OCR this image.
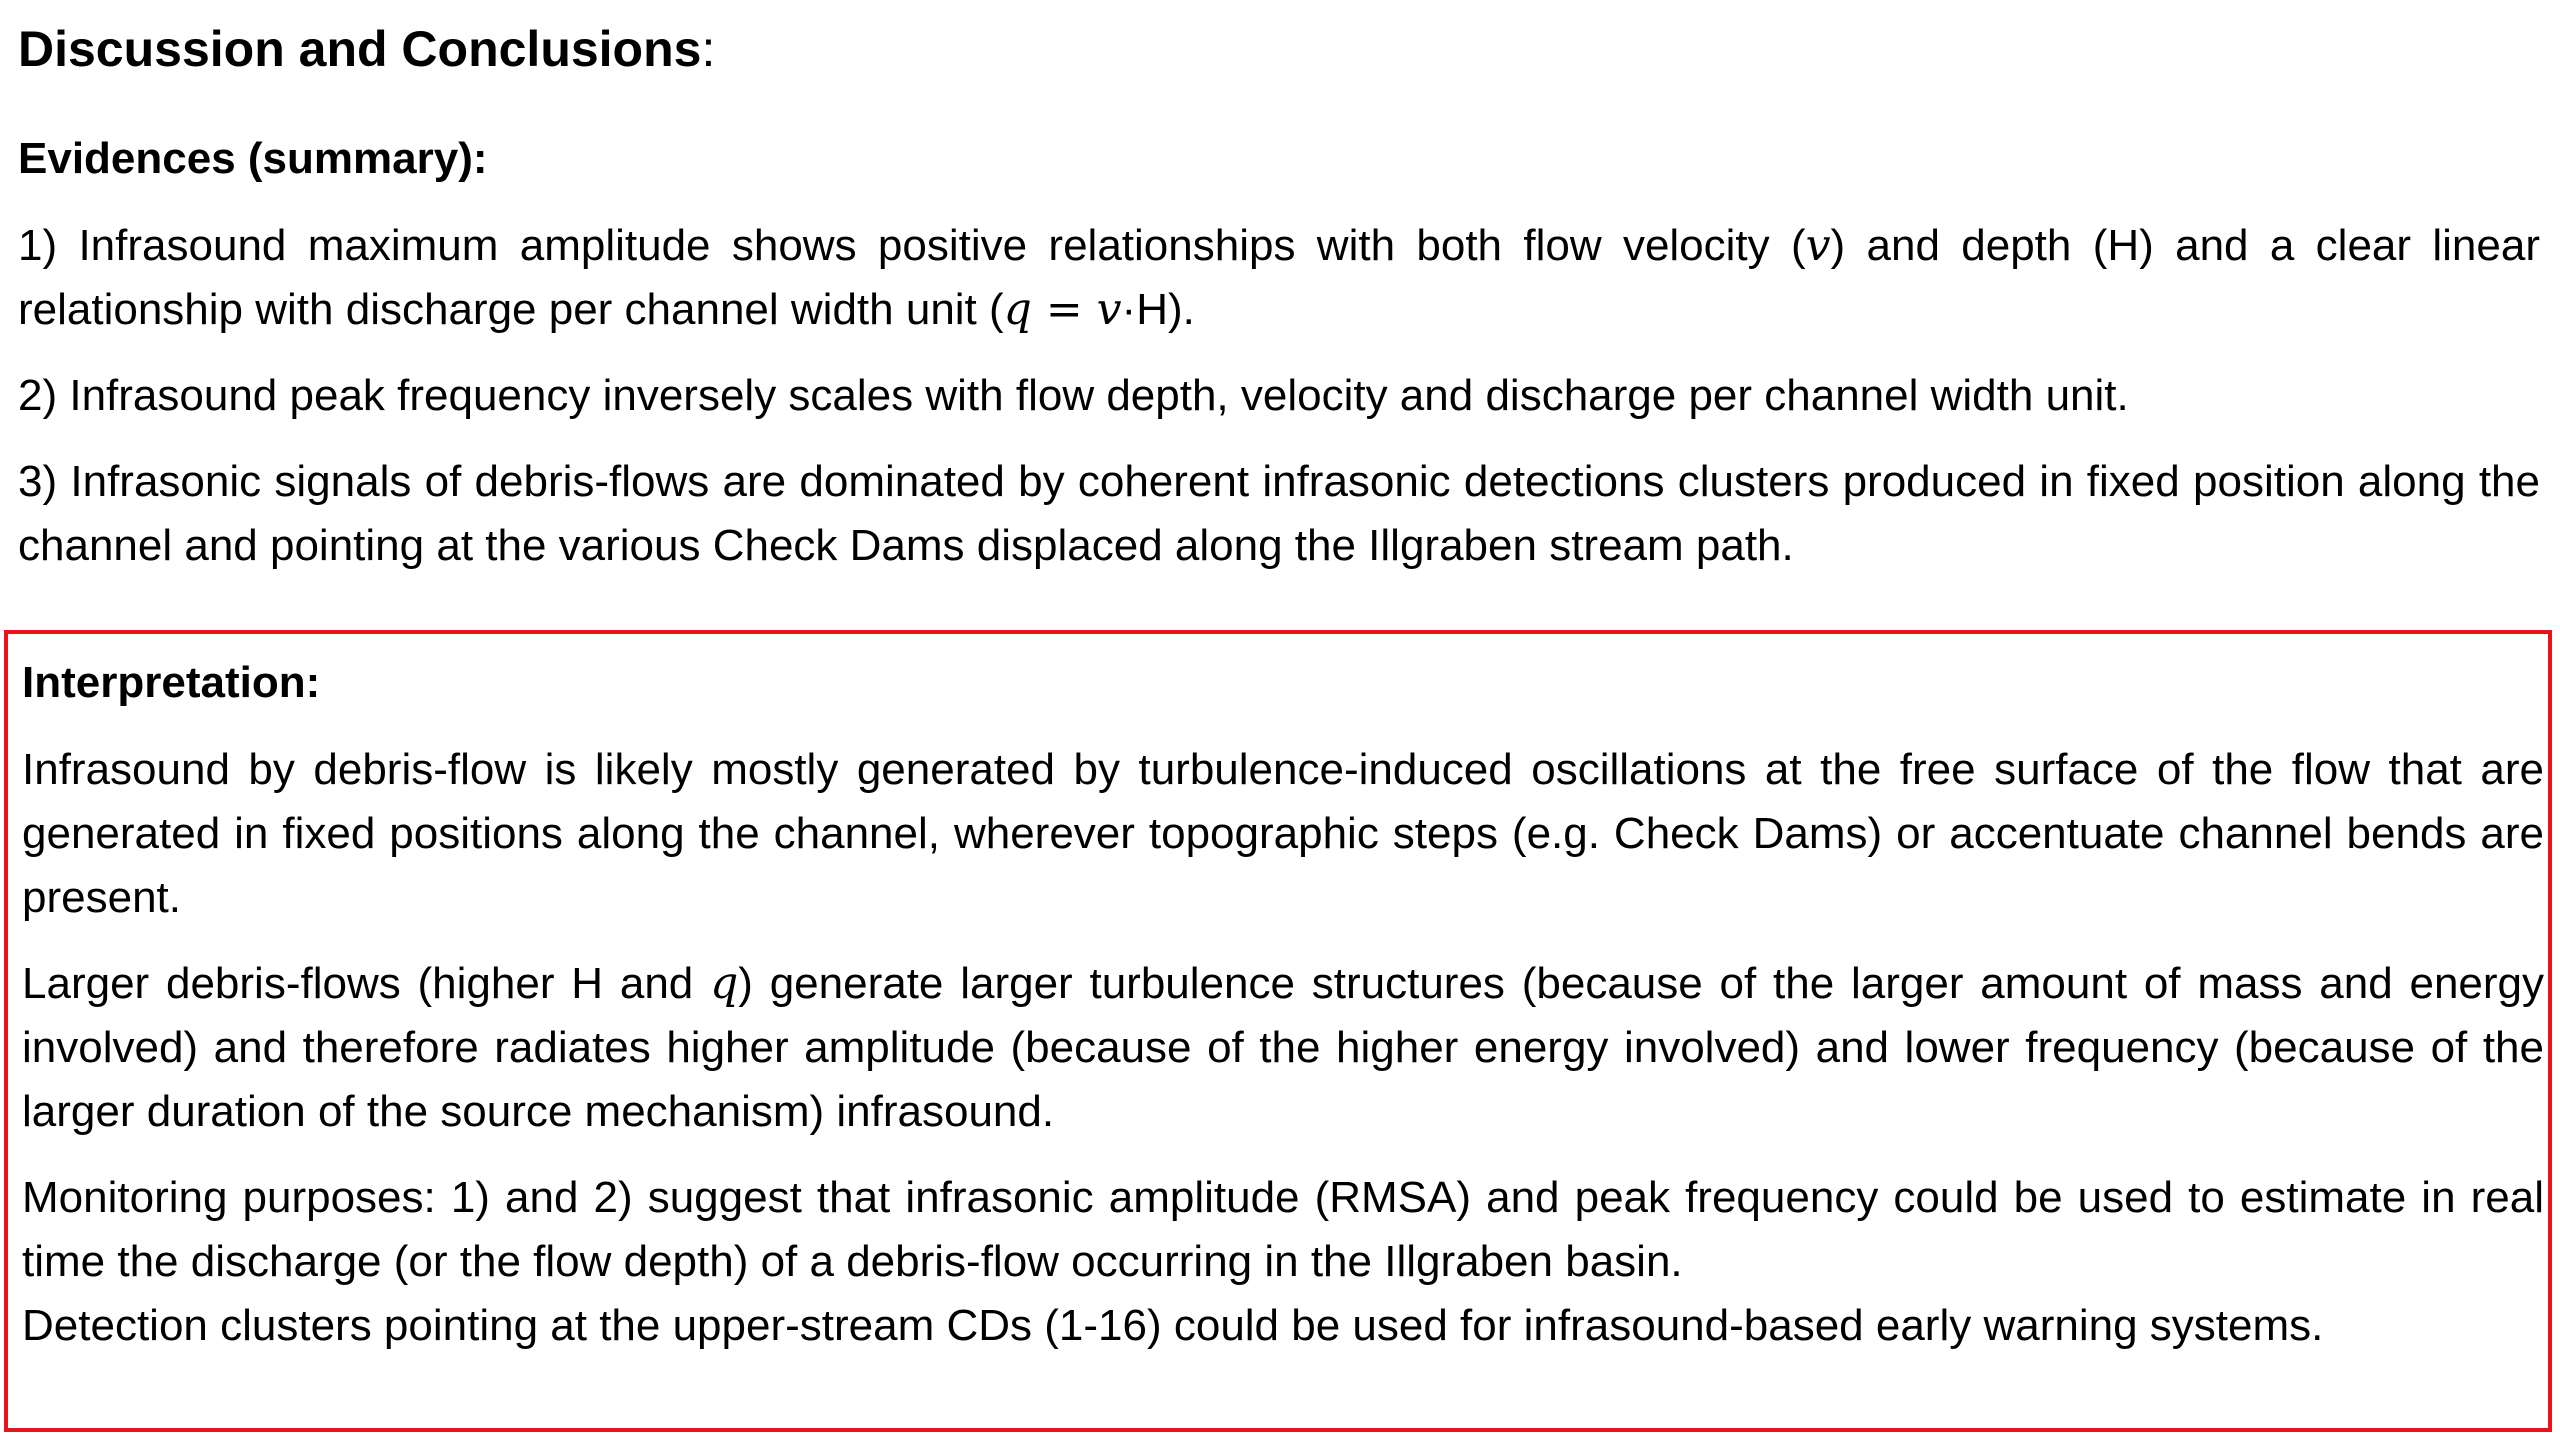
Discussion and Conclusions:
Evidences (summary):
1) Infrasound maximum amplitude shows positive relationships with both flow velocity (v) and depth (H) and a clear linear relationship with discharge per channel width unit (q = v·H).
2) Infrasound peak frequency inversely scales with flow depth, velocity and discharge per channel width unit.
3) Infrasonic signals of debris-flows are dominated by coherent infrasonic detections clusters produced in fixed position along the channel and pointing at the various Check Dams displaced along the Illgraben stream path.
Interpretation:
Infrasound by debris-flow is likely mostly generated by turbulence-induced oscillations at the free surface of the flow that are generated in fixed positions along the channel, wherever topographic steps (e.g. Check Dams) or accentuate channel bends are present.
Larger debris-flows (higher H and q) generate larger turbulence structures (because of the larger amount of mass and energy involved) and therefore radiates higher amplitude (because of the higher energy involved) and lower frequency (because of the larger duration of the source mechanism) infrasound.
Monitoring purposes: 1) and 2) suggest that infrasonic amplitude (RMSA) and peak frequency could be used to estimate in real time the discharge (or the flow depth) of a debris-flow occurring in the Illgraben basin.
Detection clusters pointing at the upper-stream CDs (1-16) could be used for infrasound-based early warning systems.
